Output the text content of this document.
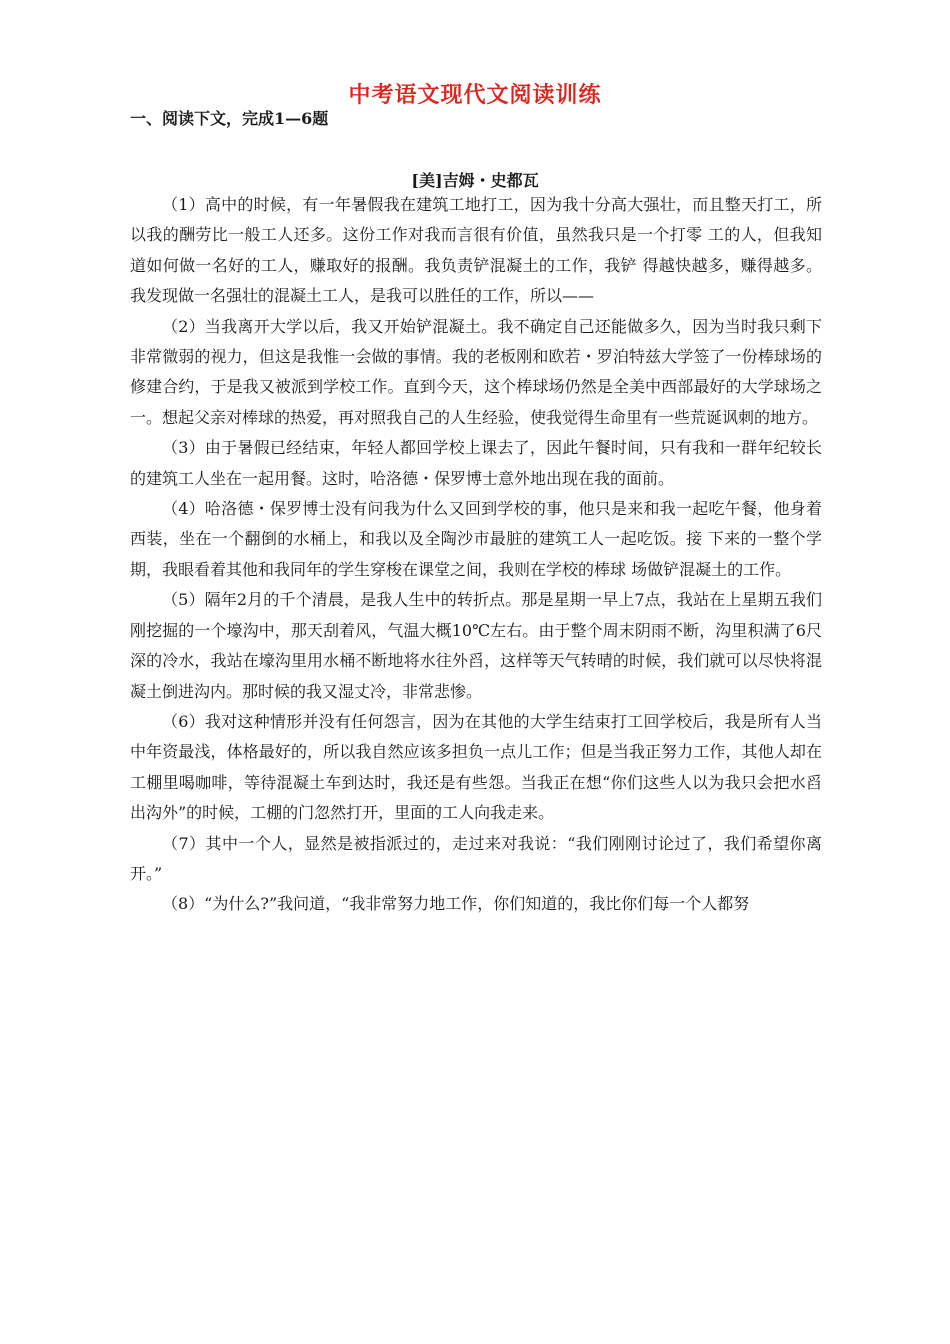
中考语文现代文阅读训练
一、阅读下文，完成1—6题
[美]吉姆・史都瓦

（1）高中的时候，有一年暑假我在建筑工地打工，因为我十分高大强壮，而且整天打工，所以我的酬劳比一般工人还多。这份工作对我而言很有价值，虽然我只是一个打零 工的人，但我知道如何做一名好的工人，赚取好的报酬。我负责铲混凝土的工作，我铲 得越快越多，赚得越多。我发现做一名强壮的混凝土工人，是我可以胜任的工作，所以——

（2）当我离开大学以后，我又开始铲混凝土。我不确定自己还能做多久，因为当时我只剩下非常微弱的视力，但这是我惟一会做的事情。我的老板刚和欧若・罗泊特兹大学签了一份棒球场的修建合约，于是我又被派到学校工作。直到今天，这个棒球场仍然是全美中西部最好的大学球场之一。想起父亲对棒球的热爱，再对照我自己的人生经验，使我觉得生命里有一些荒诞讽刺的地方。

（3）由于暑假已经结束，年轻人都回学校上课去了，因此午餐时间，只有我和一群年纪较长的建筑工人坐在一起用餐。这时，哈洛德・保罗博士意外地出现在我的面前。

（4）哈洛德・保罗博士没有问我为什么又回到学校的事，他只是来和我一起吃午餐，他身着西装，坐在一个翻倒的水桶上，和我以及全陶沙市最脏的建筑工人一起吃饭。接 下来的一整个学期，我眼看着其他和我同年的学生穿梭在课堂之间，我则在学校的棒球 场做铲混凝土的工作。

（5）隔年2月的千个清晨，是我人生中的转折点。那是星期一早上7点，我站在上星期五我们刚挖掘的一个壕沟中，那天刮着风，气温大概10℃左右。由于整个周末阴雨不断，沟里积满了6尺深的冷水，我站在壕沟里用水桶不断地将水往外舀，这样等天气转晴的时候，我们就可以尽快将混凝土倒进沟内。那时候的我又湿丈冷，非常悲惨。

（6）我对这种情形并没有任何怨言，因为在其他的大学生结束打工回学校后，我是所有人当中年资最浅，体格最好的，所以我自然应该多担负一点儿工作；但是当我正努力工作，其他人却在工棚里喝咖啡，等待混凝土车到达时，我还是有些怨。当我正在想“你们这些人以为我只会把水舀出沟外”的时候，工棚的门忽然打开，里面的工人向我走来。

（7）其中一个人，显然是被指派过的，走过来对我说：“我们刚刚讨论过了，我们希望你离开。”

（8）“为什么?”我问道，“我非常努力地工作，你们知道的，我比你们每一个人都努
